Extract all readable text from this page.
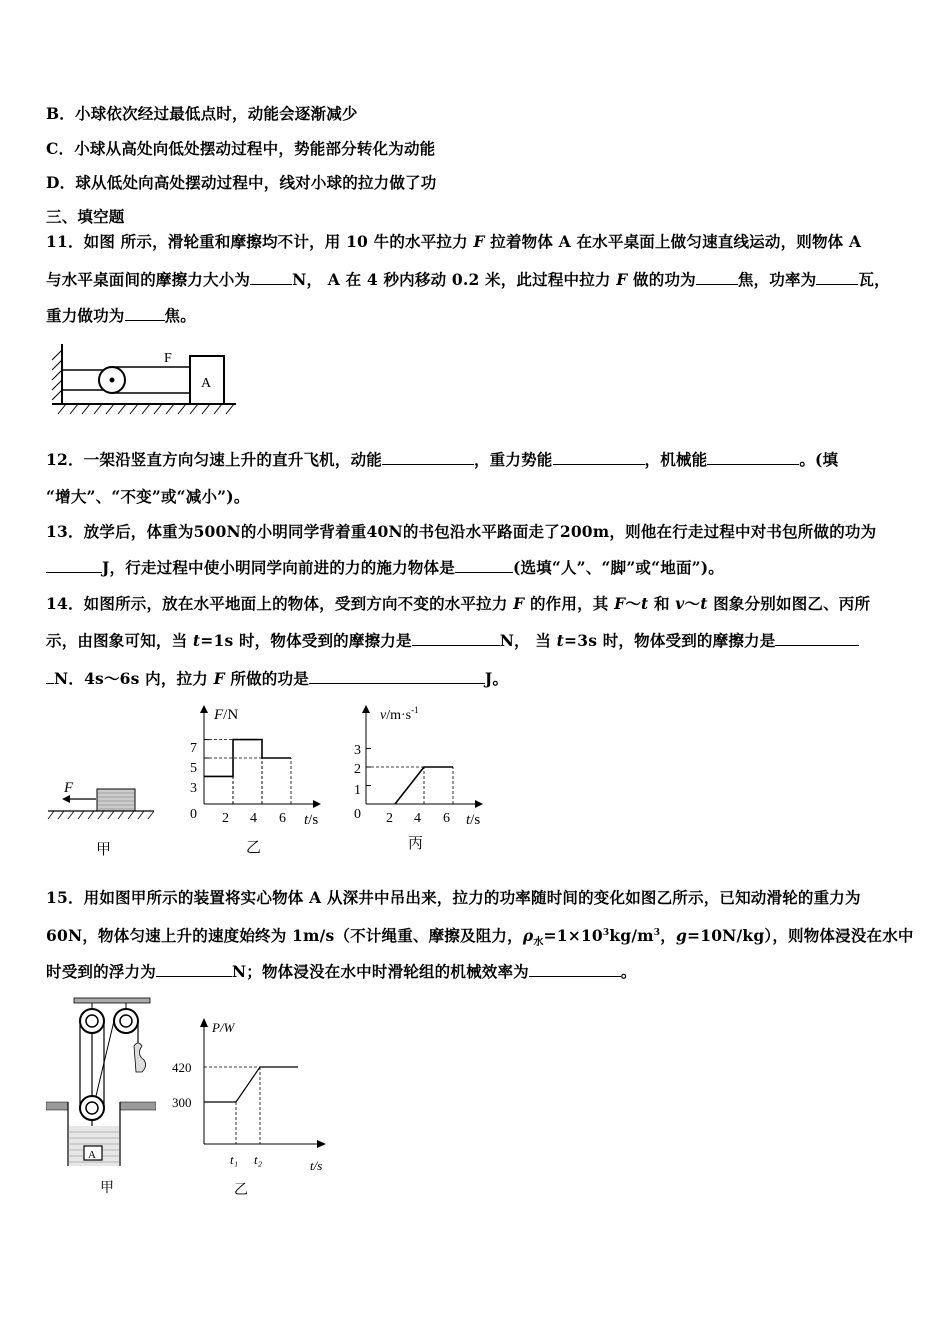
B．小球依次经过最低点时，动能会逐渐减少
C．小球从高处向低处摆动过程中，势能部分转化为动能
D．球从低处向高处摆动过程中，线对小球的拉力做了功
三、填空题
11．如图 所示，滑轮重和摩擦均不计，用 10 牛的水平拉力 F 拉着物体 A 在水平桌面上做匀速直线运动，则物体 A
与水平桌面间的摩擦力大小为	N， A 在 4 秒内移动 0.2 米，此过程中拉力 F 做的功为	焦，功率为	瓦，
重力做功为	焦。
F
A
12．一架沿竖直方向匀速上升的直升飞机，动能	，重力势能	，机械能	。(填
“增大”、“不变”或“减小”)。
13．放学后，体重为500N的小明同学背着重40N的书包沿水平路面走了200m，则他在行走过程中对书包所做的功为
J，行走过程中使小明同学向前进的力的施力物体是	(选填“人”、“脚”或“地面”)。
14．如图所示，放在水平地面上的物体，受到方向不变的水平拉力 F 的作用，其 F～t 和 v～t 图象分别如图乙、丙所
示，由图象可知，当 t=1s 时，物体受到的摩擦力是	N， 当 t=3s 时，物体受到的摩擦力是
N．4s～6s 内，拉力 F 所做的功是	J。
F
甲
F/N
t/s
7
5
3
0 2 4 6
乙
$v/m\cdot s^{-1}$
t/s
3
2
1
0 2 4 6
丙
15．用如图甲所示的装置将实心物体 A 从深井中吊出来，拉力的功率随时间的变化如图乙所示，已知动滑轮的重力为
60N，物体匀速上升的速度始终为 1m/s（不计绳重、摩擦及阻力，$\rho_水=1\times 10^3kg/m^3$，g=10N/kg），则物体浸没在水中
时受到的浮力为	N；物体浸没在水中时滑轮组的机械效率为	。
A
甲
P/W
t/s
420
300
t₁ t₂
乙
